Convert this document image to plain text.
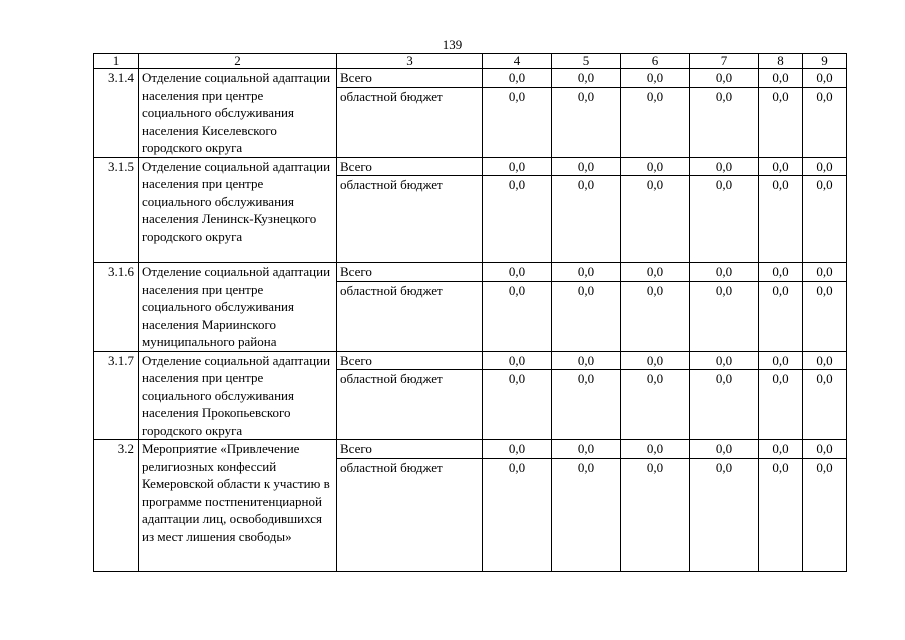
139
1	2	3	4	5	6	7	8	9
3.1.4	Отделение социальной адаптации населения при центре социального обслуживания населения Киселевского городского округа	Всего	0,0	0,0	0,0	0,0	0,0	0,0
		областной бюджет	0,0	0,0	0,0	0,0	0,0	0,0
3.1.5	Отделение социальной адаптации населения при центре социального обслуживания населения Ленинск-Кузнецкого городского округа	Всего	0,0	0,0	0,0	0,0	0,0	0,0
		областной бюджет	0,0	0,0	0,0	0,0	0,0	0,0
3.1.6	Отделение социальной адаптации населения при центре социального обслуживания населения Мариинского муниципального района	Всего	0,0	0,0	0,0	0,0	0,0	0,0
		областной бюджет	0,0	0,0	0,0	0,0	0,0	0,0
3.1.7	Отделение социальной адаптации населения при центре социального обслуживания населения Прокопьевского городского округа	Всего	0,0	0,0	0,0	0,0	0,0	0,0
		областной бюджет	0,0	0,0	0,0	0,0	0,0	0,0
3.2	Мероприятие «Привлечение религиозных конфессий Кемеровской области к участию в программе постпенитенциарной адаптации лиц, освободившихся из мест лишения свободы»	Всего	0,0	0,0	0,0	0,0	0,0	0,0
		областной бюджет	0,0	0,0	0,0	0,0	0,0	0,0
